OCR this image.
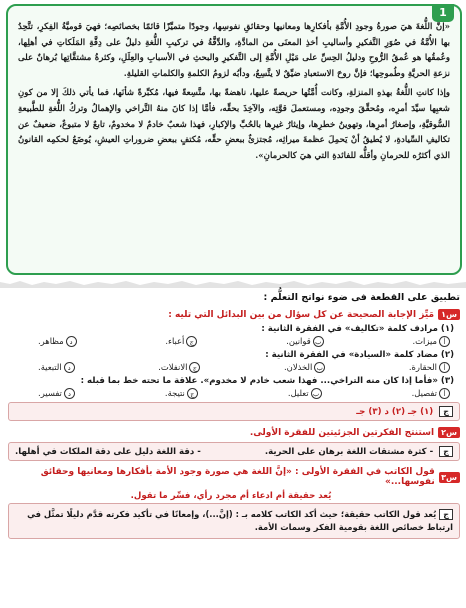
1

«إنَّ اللُّغةَ هيَ صورةُ وجودِ الأُمَّةِ بأفكارِها ومعانيها وحقائقِ نفوسِها، وجودًا متميِّزًا قائمًا بخصائصِه؛ فهيَ قوميَّةُ الفِكرِ، تتَّحِدُ بها الأُمَّةُ في صُوَرِ التَّفكيرِ وأساليبِ أخذِ المعنَى من المادَّةِ، والدِّقَّةُ في تركيبِ اللُّغةِ دليلٌ على دِقَّةِ المَلَكاتِ في أهلِها، وعُمقُها هو عُمقُ الرُّوحِ ودليلُ الحِسِّ على مَيْلِ الأُمَّةِ إلى التَّفكيرِ والبحثِ في الأسبابِ والعِلَلِ، وكثرةُ مشتقَّاتِها بُرهانٌ على نزعةِ الحريَّةِ وطُموحِها؛ فإنَّ روحَ الاستعبادِ ضيِّقٌ لا يتَّسِعُ، ودأبُه لزومُ الكلمةِ والكلماتِ القليلةِ.

وإذا كانتِ اللُّغةُ بهذهِ المنزلةِ، وكانت أُمَّتُها حريصةً عليها، ناهضةً بها، متَّسِعةً فيها، مُكبِّرةً شأنَها، فما يأتي ذلكَ إلا من كونِ شعبِها سيِّدَ أمرِه، ومُحقِّقَ وجودِه، ومستعملَ قوَّتِه، والآخِذَ بحقِّه، فأمَّا إذا كانَ منهُ التَّراخي والإهمالُ وتركُ اللُّغةِ للطَّبيعةِ السُّوقيَّةِ، وإصغارُ أمرِها، وتهوينُ خطرِها، وإيثارُ غيرِها بالحُبِّ والإكبارِ، فهذا شعبٌ خادمٌ لا مخدومٌ، تابعٌ لا متبوعٌ، ضعيفٌ عن تكاليفِ السِّيادةِ، لا يُطيقُ أنْ يَحمِلَ عظمةَ ميراثِه، مُجتزئٌ ببعضِ حقِّه، مُكتفٍ ببعضِ ضروراتِ العيشِ، يُوضَعُ لحكمِه القانونُ الذي أكثرُه للحرمانِ وأقلُّه للفائدةِ التي هيَ كالحرمانِ».

تطبيق على القطعة فى ضوء نواتج التعلُّم :
س١
مَيِّز الإجابة الصحيحة عن كل سؤال من بين البدائل التي تليه :
(١) مرادف كلمة «تكاليف» في الفقرة الثانية :
أميزات.
بقوانين.
جأعباء.
دمظاهر.
(٢) مضاد كلمة «السيادة» في الفقرة الثانية :
أالحقارة.
بالخذلان.
جالانفلات.
دالتبعية.
(٣) «فأما إذا كان منه التراخي... فهذا شعب خادم لا مخدوم». علاقة ما تحته خط بما قبله :
أتفصيل.
بتعليل.
جنتيجة.
دتفسير.
ج
(١) جـ (٢) د (٣) جـ
س٢
استنتج الفكرتين الجزئيتين للفقرة الأولى.
ج
- كثرة مشتقات اللغة برهان على الحرية.
- دقة اللغة دليل على دقة الملكات في أهلها.
س٣
قول الكاتب في الفقرة الأولى : «إنَّ اللغة هي صورة وجود الأمة بأفكارها ومعانيها وحقائق نفوسها...»
يُعد حقيقة أم ادعاء أم مجرد رأي، فسِّر ما تقول.
ج يُعد قول الكاتب حقيقة؛ حيث أكد الكاتب كلامه بـ : (إنَّ...)، وإمعانًا في تأكيد فكرته قدَّم دليلًا تمثَّل في ارتباط خصائص اللغة بقومية الفكر وسمات الأمة.
